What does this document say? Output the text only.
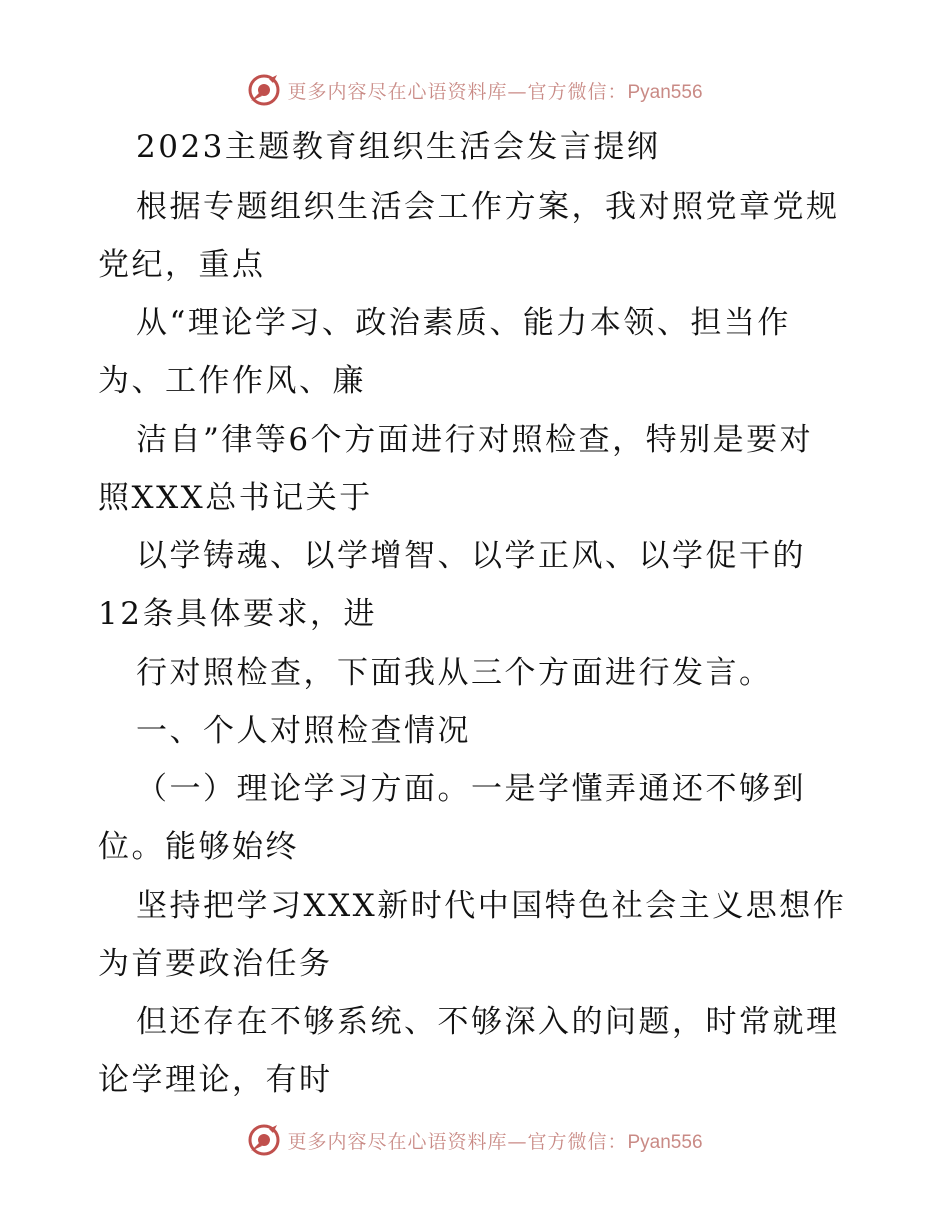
更多内容尽在心语资料库—官方微信：Pyan556
2023主题教育组织生活会发言提纲
根据专题组织生活会工作方案，我对照党章党规
党纪，重点
从“理论学习、政治素质、能力本领、担当作
为、工作作风、廉
洁自”律等6个方面进行对照检查，特别是要对
照XXX总书记关于
以学铸魂、以学增智、以学正风、以学促干的
12条具体要求，进
行对照检查，下面我从三个方面进行发言。
一、个人对照检查情况
（一）理论学习方面。一是学懂弄通还不够到
位。能够始终
坚持把学习XXX新时代中国特色社会主义思想作
为首要政治任务
但还存在不够系统、不够深入的问题，时常就理
论学理论，有时
更多内容尽在心语资料库—官方微信：Pyan556
